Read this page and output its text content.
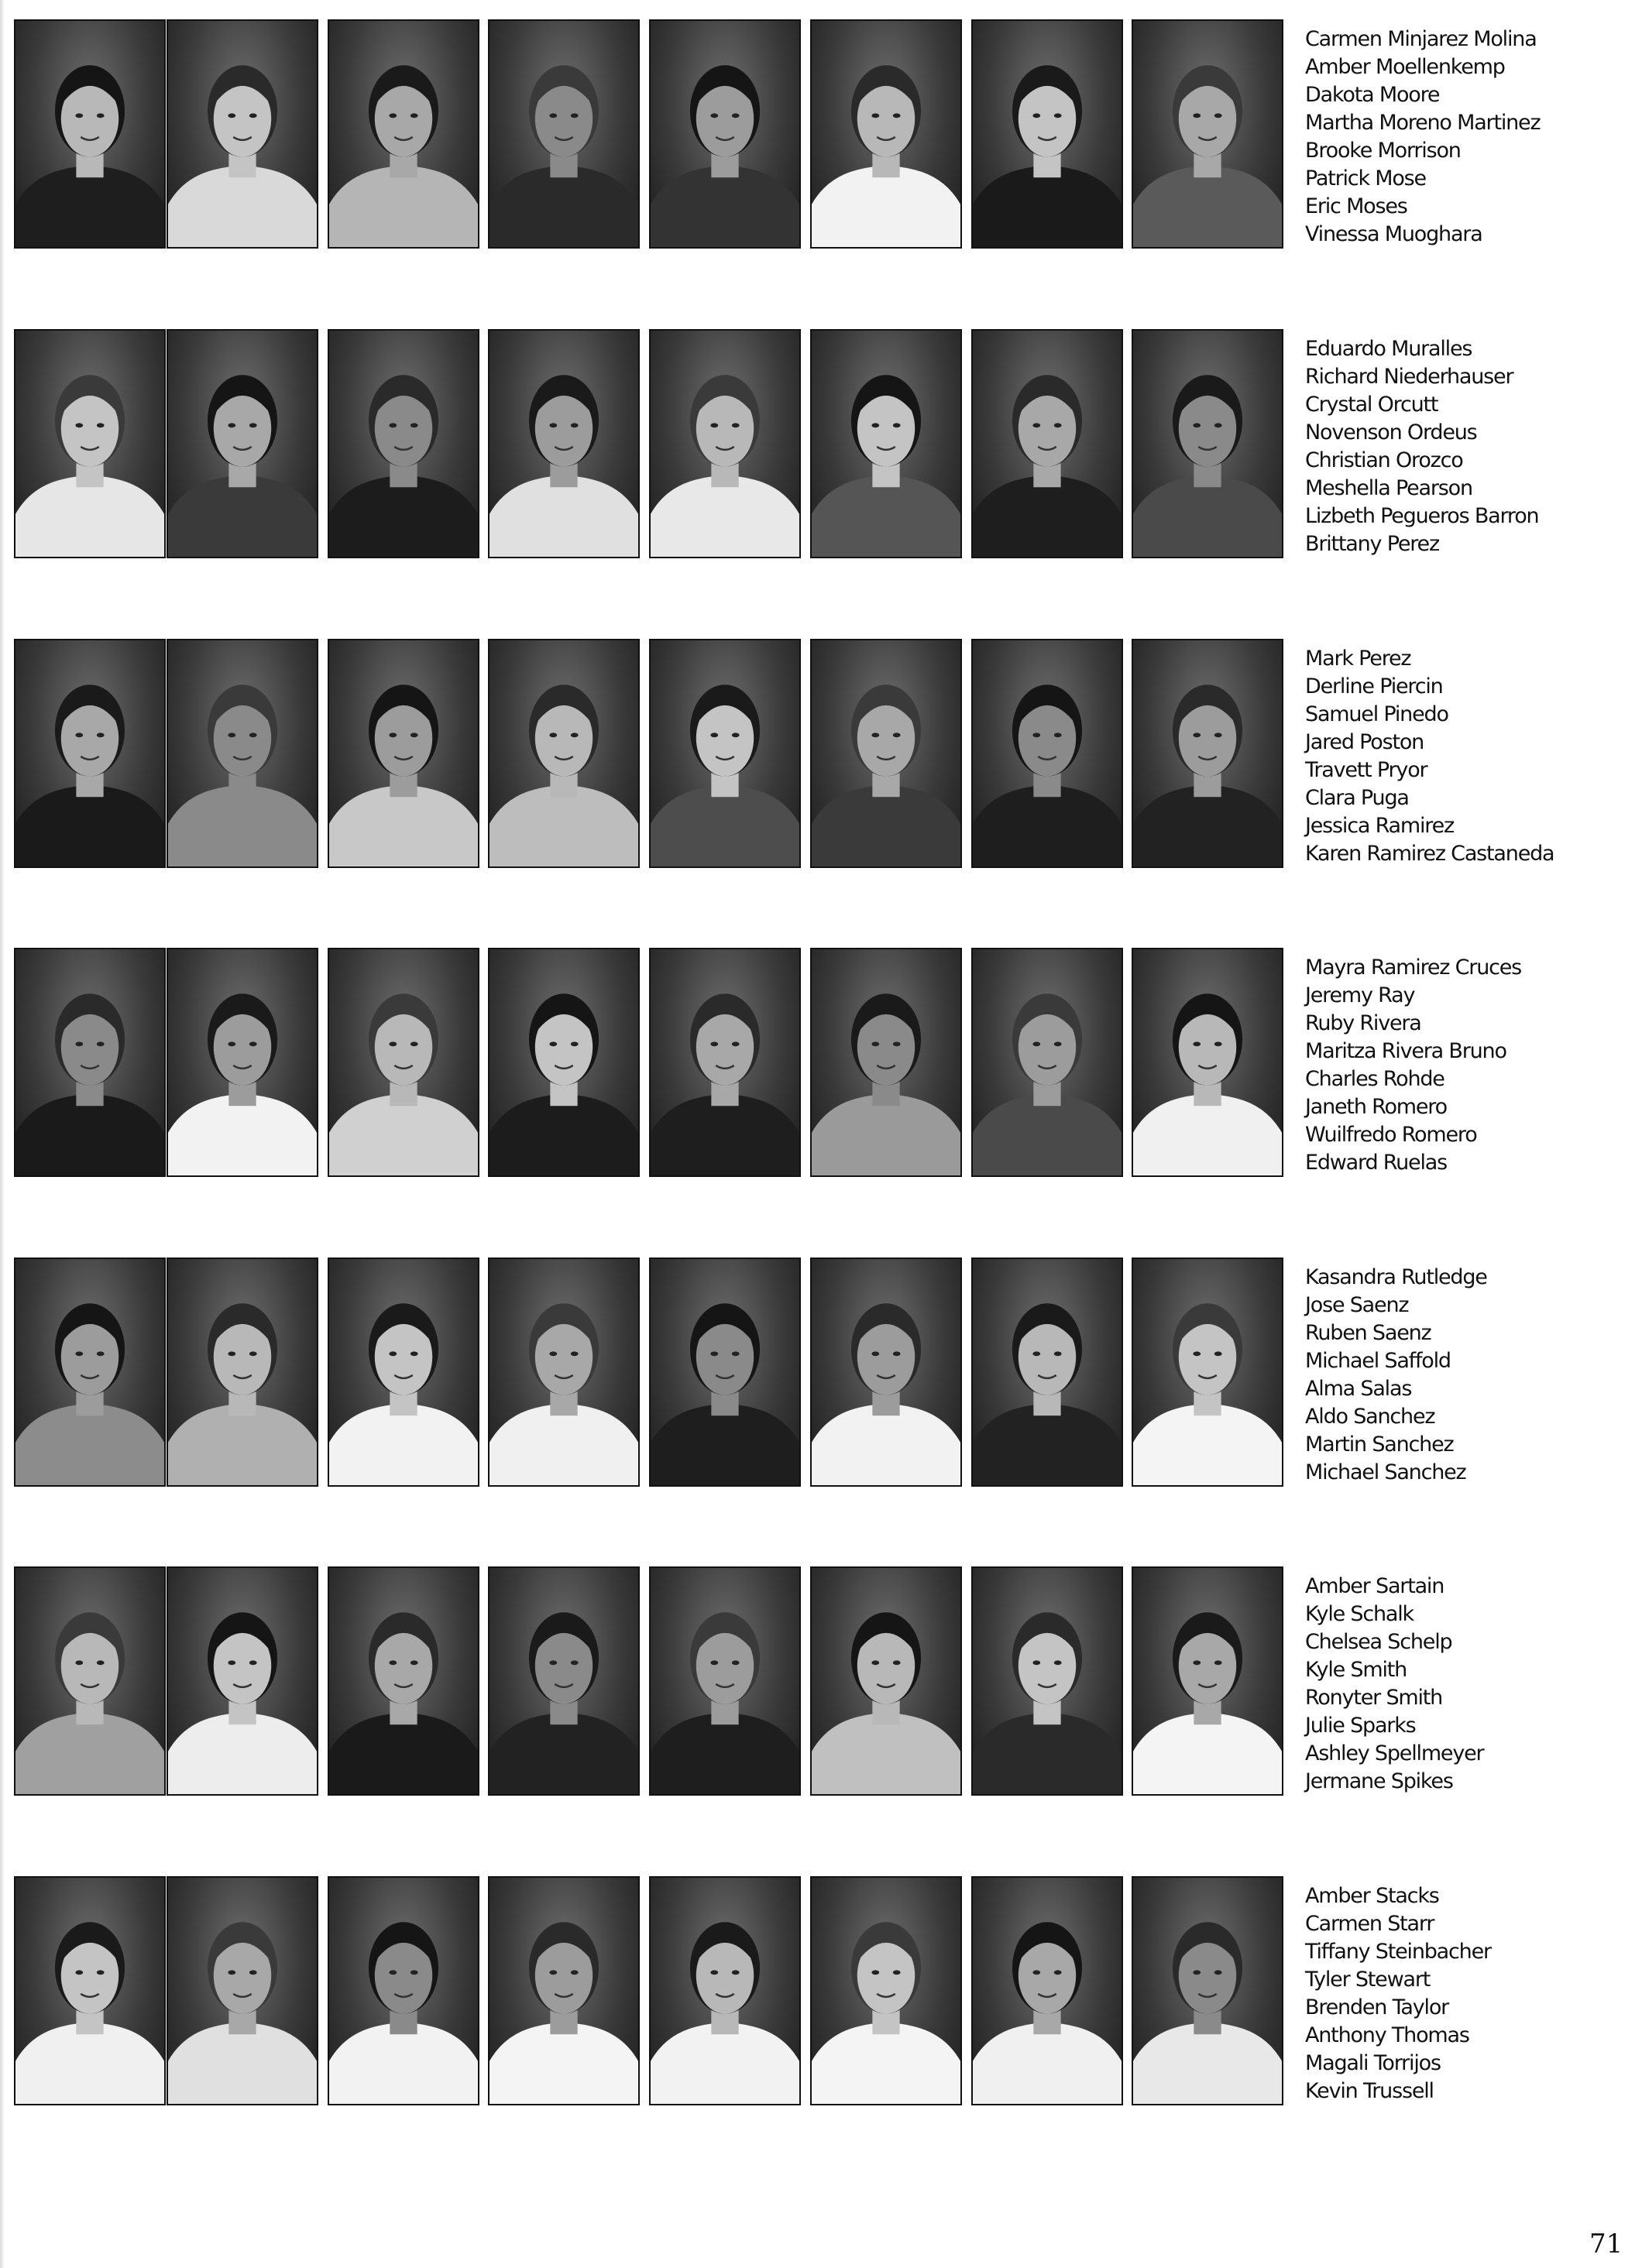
Carmen Minjarez Molina
Amber Moellenkemp
Dakota Moore
Martha Moreno Martinez
Brooke Morrison
Patrick Mose
Eric Moses
Vinessa Muoghara
Eduardo Muralles
Richard Niederhauser
Crystal Orcutt
Novenson Ordeus
Christian Orozco
Meshella Pearson
Lizbeth Pegueros Barron
Brittany Perez
Mark Perez
Derline Piercin
Samuel Pinedo
Jared Poston
Travett Pryor
Clara Puga
Jessica Ramirez
Karen Ramirez Castaneda
Mayra Ramirez Cruces
Jeremy Ray
Ruby Rivera
Maritza Rivera Bruno
Charles Rohde
Janeth Romero
Wuilfredo Romero
Edward Ruelas
Kasandra Rutledge
Jose Saenz
Ruben Saenz
Michael Saffold
Alma Salas
Aldo Sanchez
Martin Sanchez
Michael Sanchez
Amber Sartain
Kyle Schalk
Chelsea Schelp
Kyle Smith
Ronyter Smith
Julie Sparks
Ashley Spellmeyer
Jermane Spikes
Amber Stacks
Carmen Starr
Tiffany Steinbacher
Tyler Stewart
Brenden Taylor
Anthony Thomas
Magali Torrijos
Kevin Trussell
71
